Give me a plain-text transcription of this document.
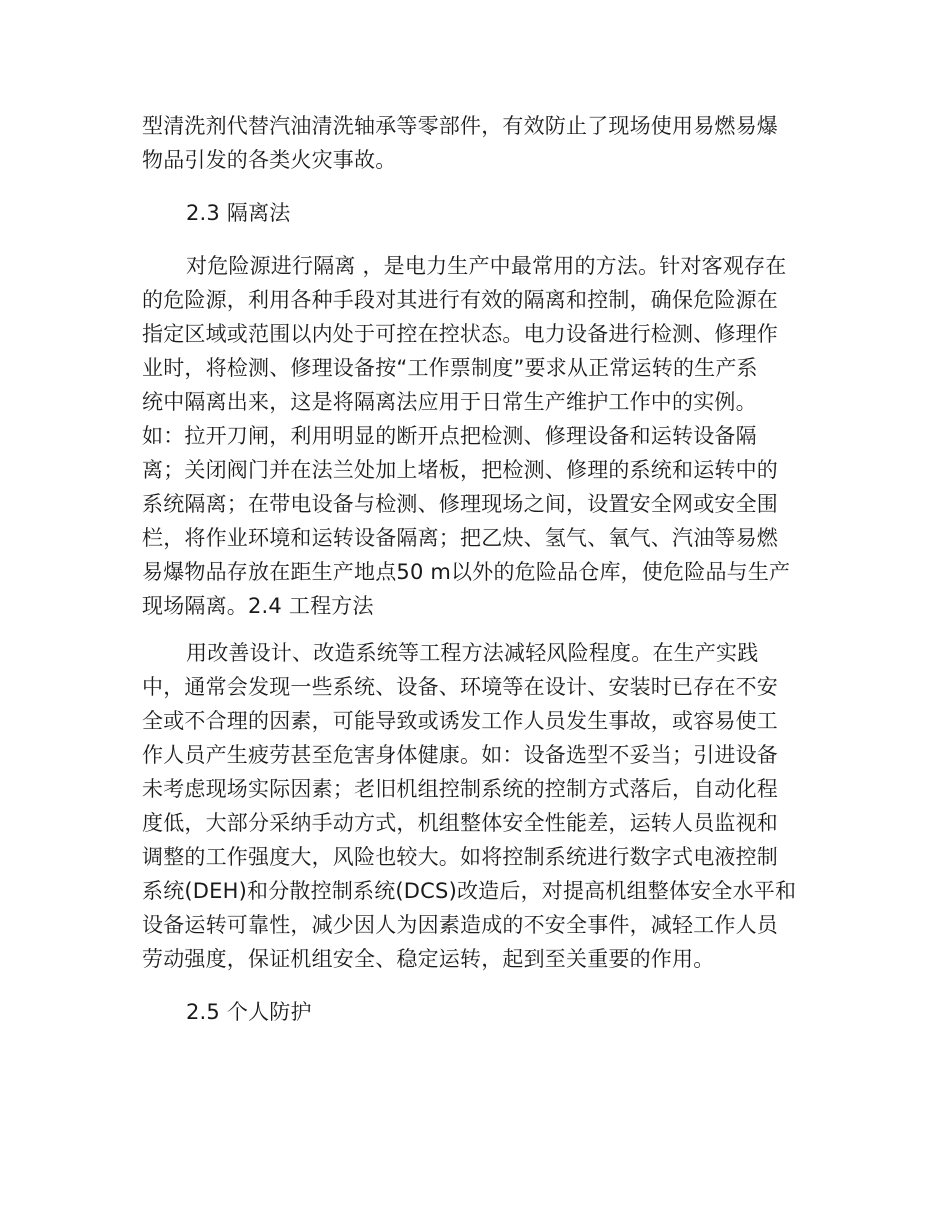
型清洗剂代替汽油清洗轴承等零部件，有效防止了现场使用易燃易爆
物品引发的各类火灾事故。
2.3 隔离法
对危险源进行隔离 ，是电力生产中最常用的方法。针对客观存在
的危险源，利用各种手段对其进行有效的隔离和控制，确保危险源在
指定区域或范围以内处于可控在控状态。电力设备进行检测、修理作
业时，将检测、修理设备按“工作票制度”要求从正常运转的生产系
统中隔离出来，这是将隔离法应用于日常生产维护工作中的实例。
如：拉开刀闸，利用明显的断开点把检测、修理设备和运转设备隔
离；关闭阀门并在法兰处加上堵板，把检测、修理的系统和运转中的
系统隔离；在带电设备与检测、修理现场之间，设置安全网或安全围
栏，将作业环境和运转设备隔离；把乙炔、氢气、氧气、汽油等易燃
易爆物品存放在距生产地点50 m以外的危险品仓库，使危险品与生产
现场隔离。2.4 工程方法
用改善设计、改造系统等工程方法减轻风险程度。在生产实践
中，通常会发现一些系统、设备、环境等在设计、安装时已存在不安
全或不合理的因素，可能导致或诱发工作人员发生事故，或容易使工
作人员产生疲劳甚至危害身体健康。如：设备选型不妥当；引进设备
未考虑现场实际因素；老旧机组控制系统的控制方式落后，自动化程
度低，大部分采纳手动方式，机组整体安全性能差，运转人员监视和
调整的工作强度大，风险也较大。如将控制系统进行数字式电液控制
系统(DEH)和分散控制系统(DCS)改造后，对提高机组整体安全水平和
设备运转可靠性，减少因人为因素造成的不安全事件，减轻工作人员
劳动强度，保证机组安全、稳定运转，起到至关重要的作用。
2.5 个人防护
